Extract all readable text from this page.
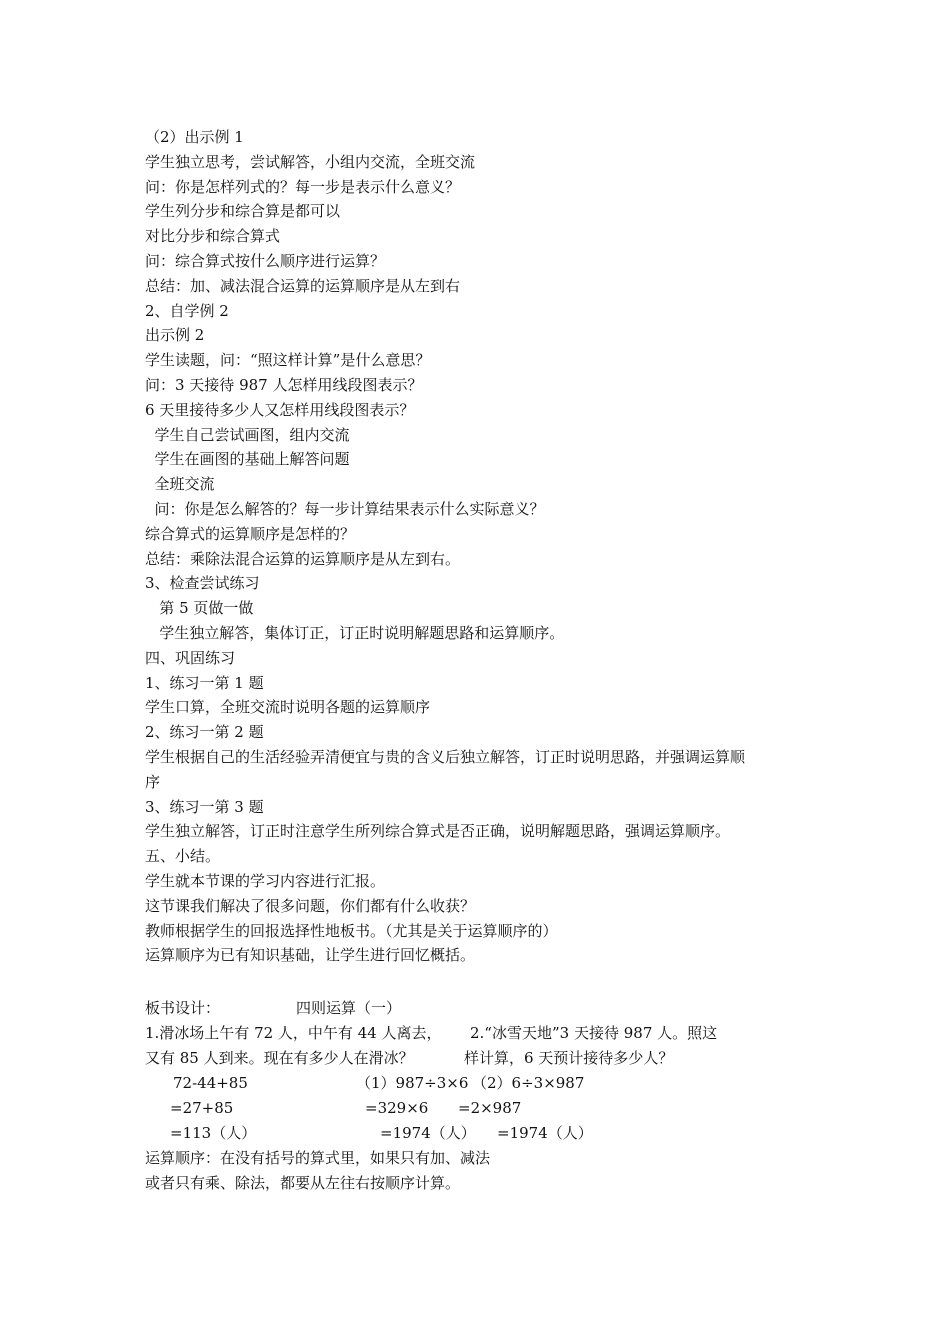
（2）出示例 1
学生独立思考，尝试解答，小组内交流，全班交流
问：你是怎样列式的？每一步是表示什么意义？
学生列分步和综合算是都可以
对比分步和综合算式
问：综合算式按什么顺序进行运算？
总结：加、减法混合运算的运算顺序是从左到右
2、自学例 2
出示例 2
学生读题，问：“照这样计算”是什么意思？
问：3 天接待 987 人怎样用线段图表示？
6 天里接待多少人又怎样用线段图表示？
学生自己尝试画图，组内交流
学生在画图的基础上解答问题
全班交流
问：你是怎么解答的？每一步计算结果表示什么实际意义？
综合算式的运算顺序是怎样的？
总结：乘除法混合运算的运算顺序是从左到右。
3、检查尝试练习
第 5 页做一做
学生独立解答，集体订正，订正时说明解题思路和运算顺序。
四、巩固练习
1、练习一第 1 题
学生口算，全班交流时说明各题的运算顺序
2、练习一第 2 题
学生根据自己的生活经验弄清便宜与贵的含义后独立解答，订正时说明思路，并强调运算顺
序
3、练习一第 3 题
学生独立解答，订正时注意学生所列综合算式是否正确，说明解题思路，强调运算顺序。
五、小结。
学生就本节课的学习内容进行汇报。
这节课我们解决了很多问题，你们都有什么收获？
教师根据学生的回报选择性地板书。（尤其是关于运算顺序的）
运算顺序为已有知识基础，让学生进行回忆概括。
板书设计：	四则运算（一）
1.滑冰场上午有 72 人，中午有 44 人离去， 2.“冰雪天地”3 天接待 987 人。照这
又有 85 人到来。现在有多少人在滑冰？	样计算，6 天预计接待多少人？
72-44+85	（1）987÷3×6 （2）6÷3×987
=27+85	=329×6 =2×987
=113（人）	=1974（人） =1974（人）
运算顺序：在没有括号的算式里，如果只有加、减法
或者只有乘、除法，都要从左往右按顺序计算。
